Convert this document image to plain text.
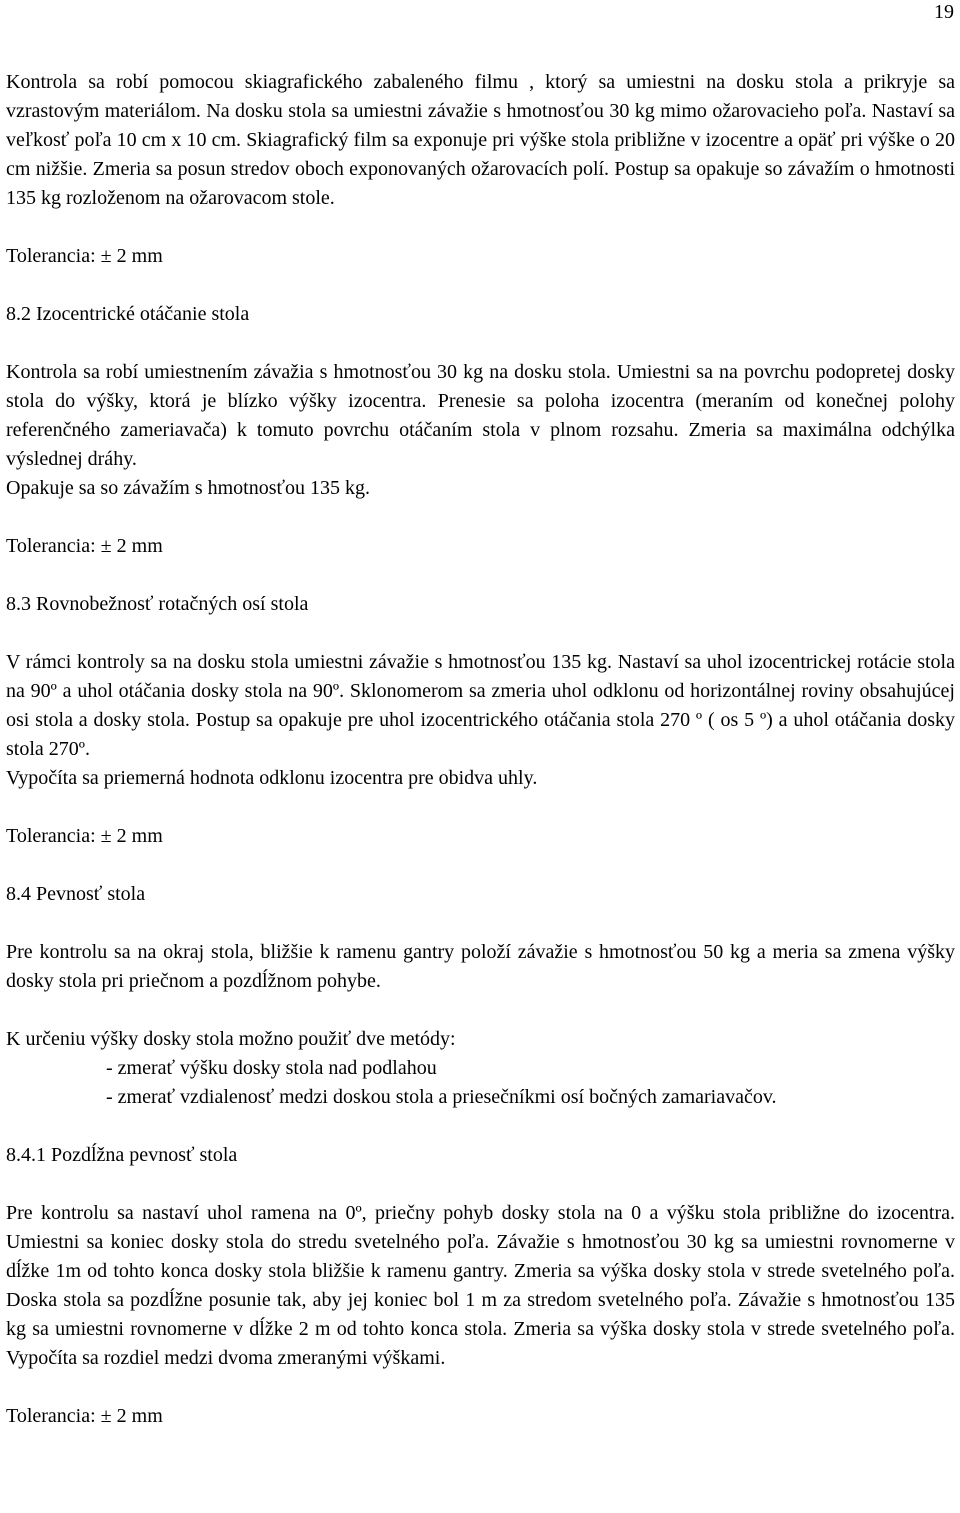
19

Kontrola sa robí pomocou skiagrafického zabaleného filmu , ktorý sa umiestni na dosku stola a prikryje sa vzrastovým materiálom. Na dosku stola sa umiestni závažie s hmotnosťou 30 kg mimo ožarovacieho poľa. Nastaví sa veľkosť poľa 10 cm x 10 cm. Skiagrafický film sa exponuje pri výške stola približne v izocentre a opäť pri výške o 20 cm nižšie. Zmeria sa posun stredov oboch exponovaných ožarovacích polí. Postup sa opakuje so závažím o hmotnosti 135 kg rozloženom na ožarovacom stole.

Tolerancia: ± 2 mm

8.2 Izocentrické otáčanie stola

Kontrola sa robí umiestnením závažia s hmotnosťou 30 kg na dosku stola. Umiestni sa na povrchu podopretej dosky stola do výšky, ktorá je blízko výšky izocentra. Prenesie sa poloha izocentra (meraním od konečnej polohy referenčného zameriavača) k tomuto povrchu otáčaním stola v plnom rozsahu. Zmeria sa maximálna odchýlka výslednej dráhy.

Opakuje sa so závažím s hmotnosťou 135 kg.

Tolerancia: ± 2 mm

8.3 Rovnobežnosť rotačných osí stola

V rámci kontroly sa na dosku stola umiestni závažie s hmotnosťou 135 kg. Nastaví sa uhol izocentrickej rotácie stola na 90º a uhol otáčania dosky stola na 90º. Sklonomerom sa zmeria uhol odklonu od horizontálnej roviny obsahujúcej osi stola a dosky stola. Postup sa opakuje pre uhol izocentrického otáčania stola 270 º ( os 5 º) a uhol otáčania dosky stola 270º.

Vypočíta sa priemerná hodnota odklonu izocentra pre obidva uhly.

Tolerancia: ± 2 mm

8.4 Pevnosť stola

Pre kontrolu sa na okraj stola, bližšie k ramenu gantry položí závažie s hmotnosťou 50 kg a meria sa zmena výšky dosky stola pri priečnom a pozdĺžnom pohybe.

K určeniu výšky dosky stola možno použiť dve metódy:

- zmerať výšku dosky stola nad podlahou

- zmerať vzdialenosť medzi doskou stola a priesečníkmi osí bočných zamariavačov.

8.4.1 Pozdĺžna pevnosť stola

Pre kontrolu sa nastaví uhol ramena na 0º, priečny pohyb dosky stola na 0 a výšku stola približne do izocentra. Umiestni sa koniec dosky stola do stredu svetelného poľa. Závažie s hmotnosťou 30 kg sa umiestni rovnomerne v dĺžke 1m od tohto konca dosky stola bližšie k ramenu gantry. Zmeria sa výška dosky stola v strede svetelného poľa. Doska stola sa pozdĺžne posunie tak, aby jej koniec bol 1 m za stredom svetelného poľa. Závažie s hmotnosťou 135 kg sa umiestni rovnomerne v dĺžke 2 m od tohto konca stola. Zmeria sa výška dosky stola v strede svetelného poľa. Vypočíta sa rozdiel medzi dvoma zmeranými výškami.

Tolerancia: ± 2 mm
